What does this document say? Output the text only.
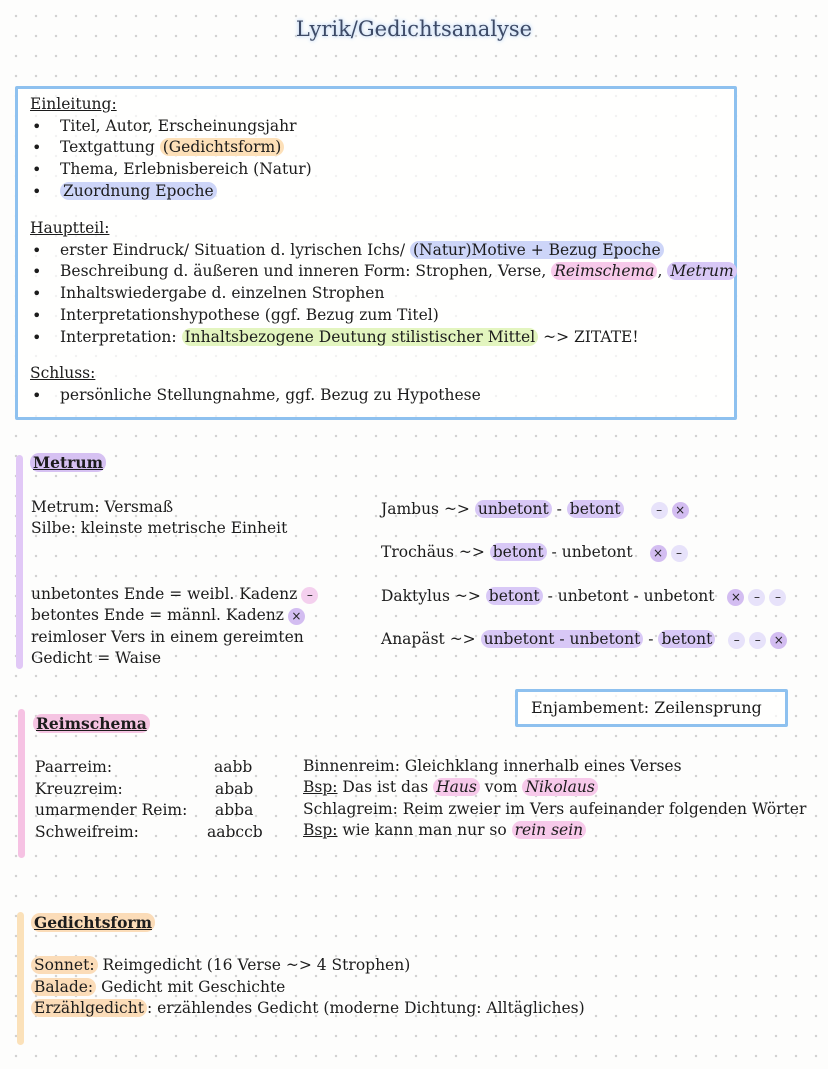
Lyrik/Gedichtsanalyse
Einleitung:
• Titel, Autor, Erscheinungsjahr
• Textgattung (Gedichtsform)
• Thema, Erlebnisbereich (Natur)
• Zuordnung Epoche
Hauptteil:
• erster Eindruck/ Situation d. lyrischen Ichs/ (Natur)Motive + Bezug Epoche
• Beschreibung d. äußeren und inneren Form: Strophen, Verse, Reimschema , Metrum
• Inhaltswiedergabe d. einzelnen Strophen
• Interpretationshypothese (ggf. Bezug zum Titel)
• Interpretation: Inhaltsbezogene Deutung stilistischer Mittel ~> ZITATE!
Schluss:
• persönliche Stellungnahme, ggf. Bezug zu Hypothese
Metrum
Metrum: Versmaß
Silbe: kleinste metrische Einheit
unbetontes Ende = weibl. Kadenz –
betontes Ende = männl. Kadenz ×
reimloser Vers in einem gereimten
Gedicht = Waise
Jambus ~> unbetont - betont	– ×
Trochäus ~> betont - unbetont × –
Daktylus ~> betont - unbetont - unbetont × – –
Anapäst ~> unbetont - unbetont - betont – – ×
Enjambement: Zeilensprung
Reimschema
Paarreim:	aabb
Kreuzreim:	abab
umarmender Reim: abba
Schweifreim:	aabccb
Binnenreim: Gleichklang innerhalb eines Verses
Bsp: Das ist das Haus vom Nikolaus
Schlagreim: Reim zweier im Vers aufeinander folgenden Wörter
Bsp: wie kann man nur so rein sein
Gedichtsform
Sonnet: Reimgedicht (16 Verse ~> 4 Strophen)
Balade: Gedicht mit Geschichte
Erzählgedicht : erzählendes Gedicht (moderne Dichtung: Alltägliches)
